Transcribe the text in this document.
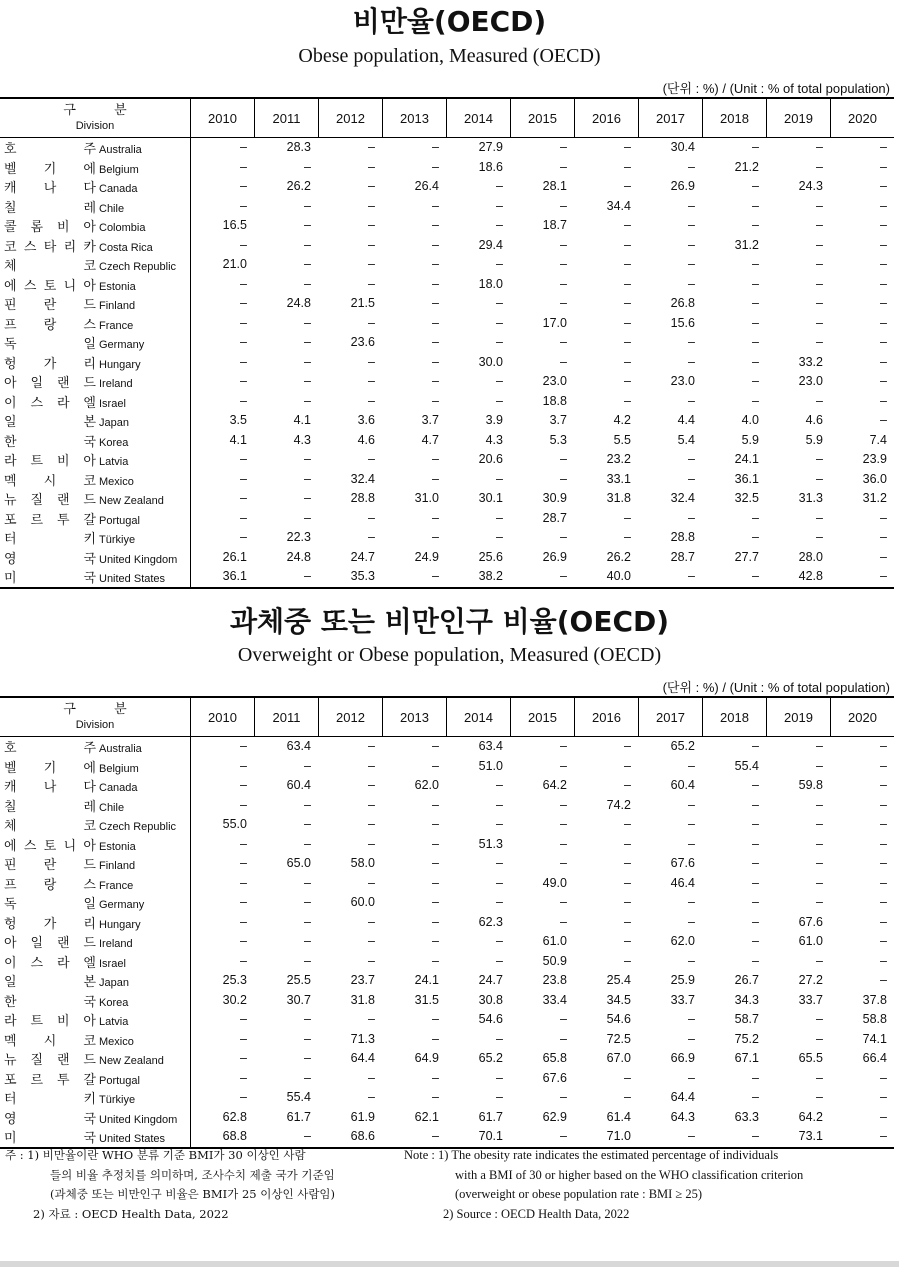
비만율(OECD)
Obese population, Measured (OECD)
(단위 : %) / (Unit : % of total population)
구 분
Division
2010	2011	2012	2013	2014	2015	2016	2017	2018	2019	2020
호 주 Australia	–	28.3	–	–	27.9	–	–	30.4	–	–	–
벨 기 에 Belgium	–	–	–	–	18.6	–	–	–	21.2	–	–
캐 나 다 Canada	–	26.2	–	26.4	–	28.1	–	26.9	–	24.3	–
칠 레 Chile	–	–	–	–	–	–	34.4	–	–	–	–
콜 롬 비 아 Colombia	16.5	–	–	–	–	18.7	–	–	–	–	–
코 스 타 리 카 Costa Rica	–	–	–	–	29.4	–	–	–	31.2	–	–
체 코 Czech Republic	21.0	–	–	–	–	–	–	–	–	–	–
에 스 토 니 아 Estonia	–	–	–	–	18.0	–	–	–	–	–	–
핀 란 드 Finland	–	24.8	21.5	–	–	–	–	26.8	–	–	–
프 랑 스 France	–	–	–	–	–	17.0	–	15.6	–	–	–
독 일 Germany	–	–	23.6	–	–	–	–	–	–	–	–
헝 가 리 Hungary	–	–	–	–	30.0	–	–	–	–	33.2	–
아 일 랜 드 Ireland	–	–	–	–	–	23.0	–	23.0	–	23.0	–
이 스 라 엘 Israel	–	–	–	–	–	18.8	–	–	–	–	–
일 본 Japan	3.5	4.1	3.6	3.7	3.9	3.7	4.2	4.4	4.0	4.6	–
한 국 Korea	4.1	4.3	4.6	4.7	4.3	5.3	5.5	5.4	5.9	5.9	7.4
라 트 비 아 Latvia	–	–	–	–	20.6	–	23.2	–	24.1	–	23.9
멕 시 코 Mexico	–	–	32.4	–	–	–	33.1	–	36.1	–	36.0
뉴 질 랜 드 New Zealand	–	–	28.8	31.0	30.1	30.9	31.8	32.4	32.5	31.3	31.2
포 르 투 갈 Portugal	–	–	–	–	–	28.7	–	–	–	–	–
터 키 Türkiye	–	22.3	–	–	–	–	–	28.8	–	–	–
영 국 United Kingdom	26.1	24.8	24.7	24.9	25.6	26.9	26.2	28.7	27.7	28.0	–
미 국 United States	36.1	–	35.3	–	38.2	–	40.0	–	–	42.8	–
과체중 또는 비만인구 비율(OECD)
Overweight or Obese population, Measured (OECD)
(단위 : %) / (Unit : % of total population)
구 분
Division
2010	2011	2012	2013	2014	2015	2016	2017	2018	2019	2020
호 주 Australia	–	63.4	–	–	63.4	–	–	65.2	–	–	–
벨 기 에 Belgium	–	–	–	–	51.0	–	–	–	55.4	–	–
캐 나 다 Canada	–	60.4	–	62.0	–	64.2	–	60.4	–	59.8	–
칠 레 Chile	–	–	–	–	–	–	74.2	–	–	–	–
체 코 Czech Republic	55.0	–	–	–	–	–	–	–	–	–	–
에 스 토 니 아 Estonia	–	–	–	–	51.3	–	–	–	–	–	–
핀 란 드 Finland	–	65.0	58.0	–	–	–	–	67.6	–	–	–
프 랑 스 France	–	–	–	–	–	49.0	–	46.4	–	–	–
독 일 Germany	–	–	60.0	–	–	–	–	–	–	–	–
헝 가 리 Hungary	–	–	–	–	62.3	–	–	–	–	67.6	–
아 일 랜 드 Ireland	–	–	–	–	–	61.0	–	62.0	–	61.0	–
이 스 라 엘 Israel	–	–	–	–	–	50.9	–	–	–	–	–
일 본 Japan	25.3	25.5	23.7	24.1	24.7	23.8	25.4	25.9	26.7	27.2	–
한 국 Korea	30.2	30.7	31.8	31.5	30.8	33.4	34.5	33.7	34.3	33.7	37.8
라 트 비 아 Latvia	–	–	–	–	54.6	–	54.6	–	58.7	–	58.8
멕 시 코 Mexico	–	–	71.3	–	–	–	72.5	–	75.2	–	74.1
뉴 질 랜 드 New Zealand	–	–	64.4	64.9	65.2	65.8	67.0	66.9	67.1	65.5	66.4
포 르 투 갈 Portugal	–	–	–	–	–	67.6	–	–	–	–	–
터 키 Türkiye	–	55.4	–	–	–	–	–	64.4	–	–	–
영 국 United Kingdom	62.8	61.7	61.9	62.1	61.7	62.9	61.4	64.3	63.3	64.2	–
미 국 United States	68.8	–	68.6	–	70.1	–	71.0	–	–	73.1	–
주 : 1) 비만율이란 WHO 분류 기준 BMI가 30 이상인 사람
들의 비율 추정치를 의미하며, 조사수치 제출 국가 기준임
(과체중 또는 비만인구 비율은 BMI가 25 이상인 사람임)
2) 자료 : OECD Health Data, 2022
Note : 1) The obesity rate indicates the estimated percentage of individuals
with a BMI of 30 or higher based on the WHO classification criterion
(overweight or obese population rate : BMI ≥ 25)
2) Source : OECD Health Data, 2022
